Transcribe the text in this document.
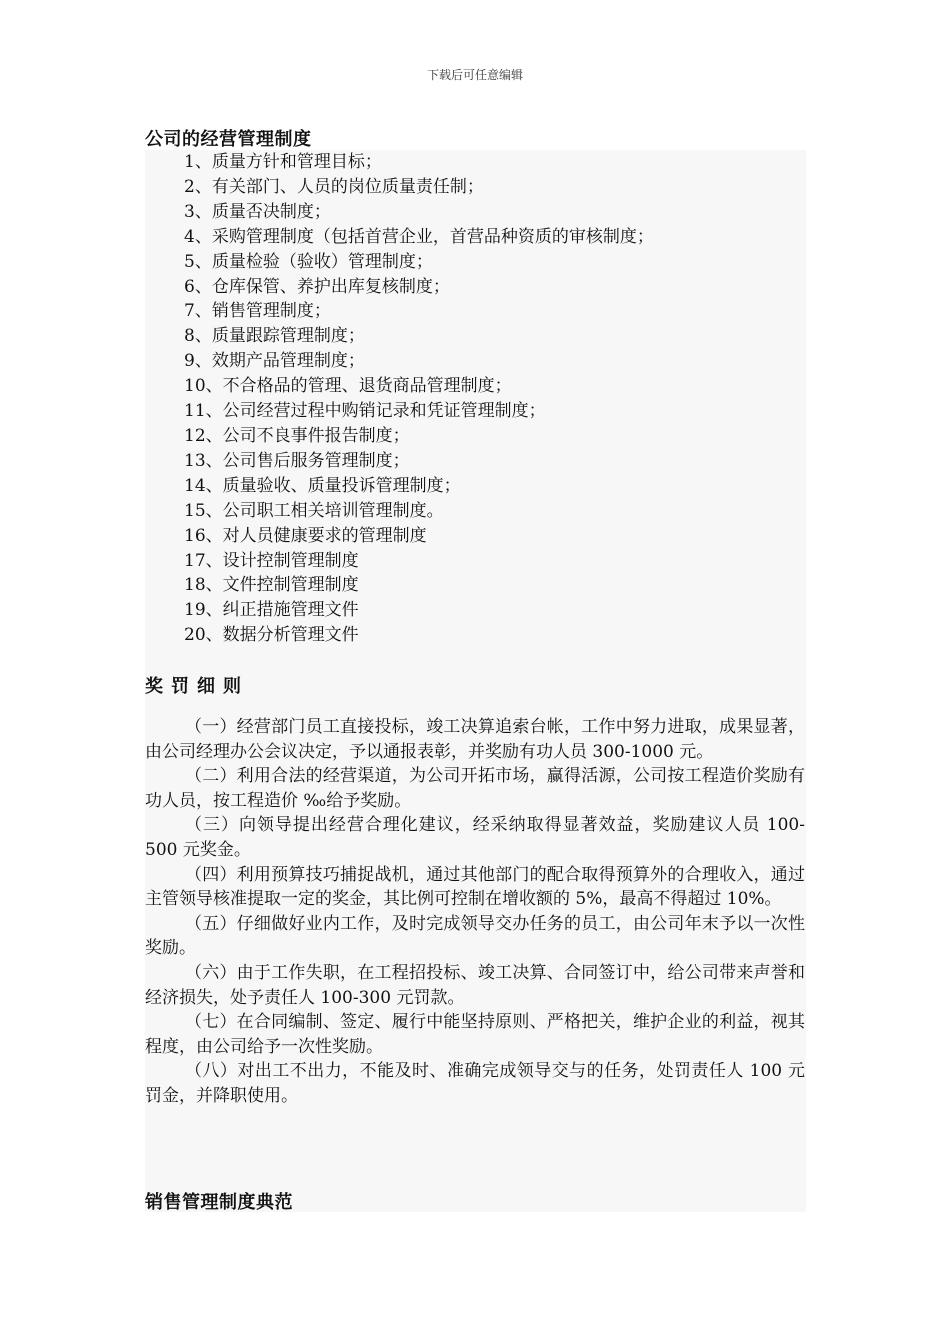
下载后可任意编辑
公司的经营管理制度
1、质量方针和管理目标；
2、有关部门、人员的岗位质量责任制；
3、质量否决制度；
4、采购管理制度（包括首营企业，首营品种资质的审核制度；
5、质量检验（验收）管理制度；
6、仓库保管、养护出库复核制度；
7、销售管理制度；
8、质量跟踪管理制度；
9、效期产品管理制度；
10、不合格品的管理、退货商品管理制度；
11、公司经营过程中购销记录和凭证管理制度；
12、公司不良事件报告制度；
13、公司售后服务管理制度；
14、质量验收、质量投诉管理制度；
15、公司职工相关培训管理制度。
16、对人员健康要求的管理制度
17、设计控制管理制度
18、文件控制管理制度
19、纠正措施管理文件
20、数据分析管理文件
奖罚细则

（一）经营部门员工直接投标，竣工决算追索台帐，工作中努力进取，成果显著，由公司经理办公会议决定，予以通报表彰，并奖励有功人员 300-1000 元。

（二）利用合法的经营渠道，为公司开拓市场，赢得活源，公司按工程造价奖励有功人员，按工程造价 ‰给予奖励。

（三）向领导提出经营合理化建议，经采纳取得显著效益，奖励建议人员 100-500 元奖金。

（四）利用预算技巧捕捉战机，通过其他部门的配合取得预算外的合理收入，通过主管领导核准提取一定的奖金，其比例可控制在增收额的 5%，最高不得超过 10%。

（五）仔细做好业内工作，及时完成领导交办任务的员工，由公司年末予以一次性奖励。

（六）由于工作失职，在工程招投标、竣工决算、合同签订中，给公司带来声誉和经济损失，处予责任人 100-300 元罚款。

（七）在合同编制、签定、履行中能坚持原则、严格把关，维护企业的利益，视其程度，由公司给予一次性奖励。

（八）对出工不出力，不能及时、准确完成领导交与的任务，处罚责任人 100 元罚金，并降职使用。

销售管理制度典范
